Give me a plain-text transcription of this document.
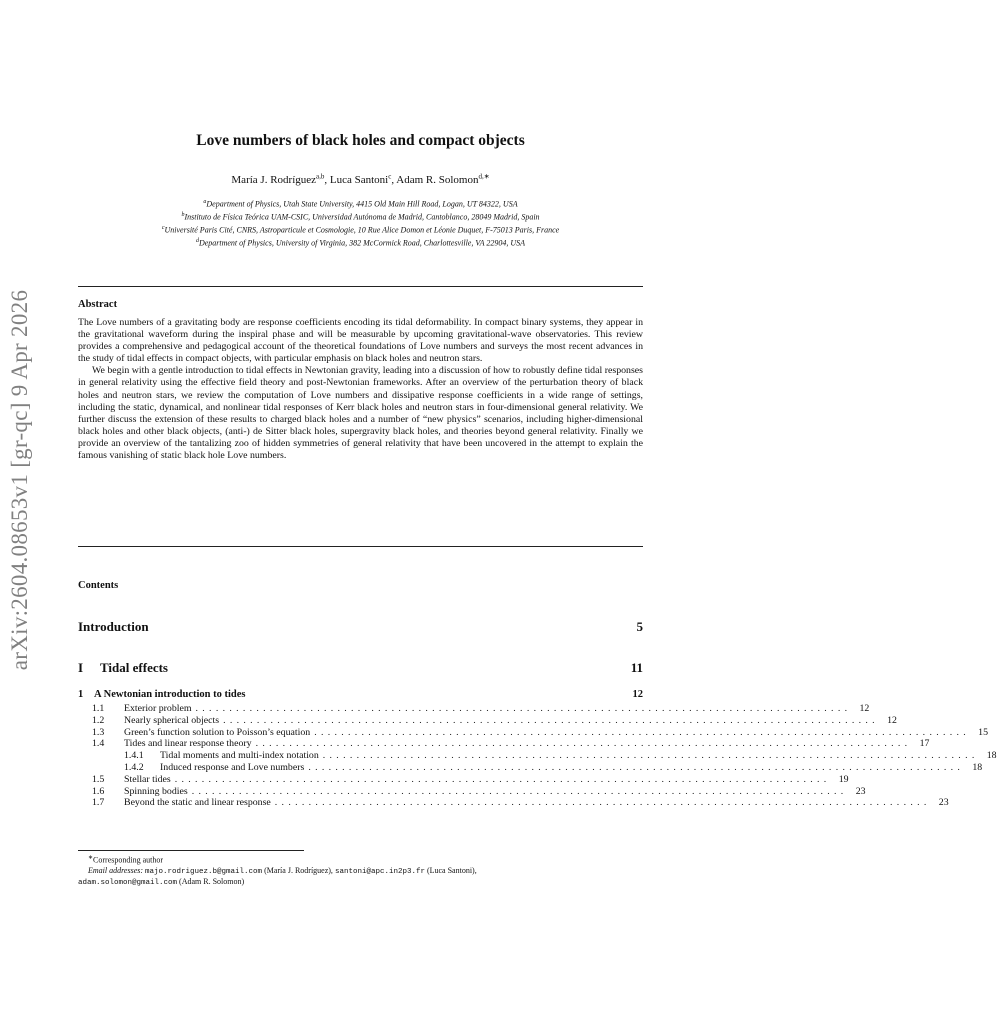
arXiv:2604.08653v1 [gr-qc] 9 Apr 2026
Love numbers of black holes and compact objects
María J. Rodríguez$^{a,b}$, Luca Santoni$^c$, Adam R. Solomon$^{d,∗}$
$^a$Department of Physics, Utah State University, 4415 Old Main Hill Road, Logan, UT 84322, USA
$^b$Instituto de Física Teórica UAM-CSIC, Universidad Autónoma de Madrid, Cantoblanco, 28049 Madrid, Spain
$^c$Université Paris Cité, CNRS, Astroparticule et Cosmologie, 10 Rue Alice Domon et Léonie Duquet, F-75013 Paris, France
$^d$Department of Physics, University of Virginia, 382 McCormick Road, Charlottesville, VA 22904, USA
Abstract

The Love numbers of a gravitating body are response coefficients encoding its tidal deformability. In compact binary systems, they appear in the gravitational waveform during the inspiral phase and will be measurable by upcoming gravitational-wave observatories. This review provides a comprehensive and pedagogical account of the theoretical foundations of Love numbers and surveys the most recent advances in the study of tidal effects in compact objects, with particular emphasis on black holes and neutron stars.

We begin with a gentle introduction to tidal effects in Newtonian gravity, leading into a discussion of how to robustly define tidal responses in general relativity using the effective field theory and post-Newtonian frameworks. After an overview of the perturbation theory of black holes and neutron stars, we review the computation of Love numbers and dissipative response coefficients in a wide range of settings, including the static, dynamical, and nonlinear tidal responses of Kerr black holes and neutron stars in four-dimensional general relativity. We further discuss the extension of these results to charged black holes and a number of “new physics” scenarios, including higher-dimensional black holes and other black objects, (anti-) de Sitter black holes, supergravity black holes, and theories beyond general relativity. Finally we provide an overview of the tantalizing zoo of hidden symmetries of general relativity that have been uncovered in the attempt to explain the famous vanishing of static black hole Love numbers.

Contents
Introduction	5
I Tidal effects	11
1 A Newtonian introduction to tides	12
1.1	Exterior problem ................................................................................................. 12
1.2	Nearly spherical objects ................................................................................................. 12
1.3	Green’s function solution to Poisson’s equation ................................................................................................. 15
1.4	Tides and linear response theory ................................................................................................. 17
1.4.1	Tidal moments and multi-index notation ................................................................................................. 18
1.4.2	Induced response and Love numbers ................................................................................................. 18
1.5	Stellar tides ................................................................................................. 19
1.6	Spinning bodies ................................................................................................. 23
1.7	Beyond the static and linear response ................................................................................................. 23
∗Corresponding author
Email addresses: majo.rodriguez.b@gmail.com (María J. Rodríguez), santoni@apc.in2p3.fr (Luca Santoni),
adam.solomon@gmail.com (Adam R. Solomon)
